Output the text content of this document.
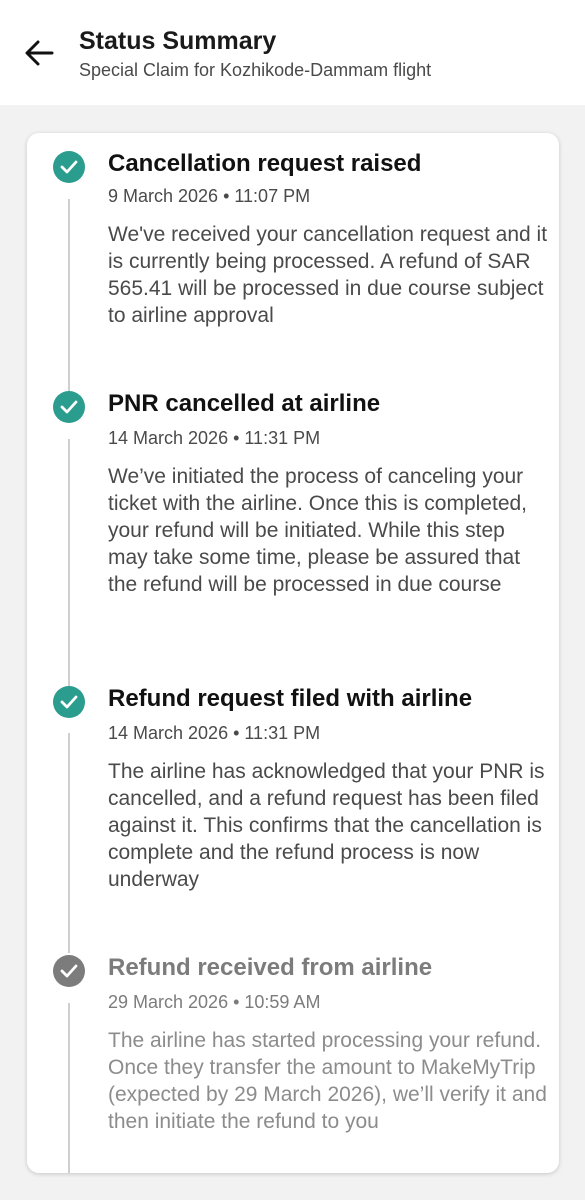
Status Summary
Special Claim for Kozhikode-Dammam flight
Cancellation request raised
9 March 2026 • 11:07 PM
We've received your cancellation request and it is currently being processed. A refund of SAR 565.41 will be processed in due course subject to airline approval
PNR cancelled at airline
14 March 2026 • 11:31 PM
We’ve initiated the process of canceling your ticket with the airline. Once this is completed, your refund will be initiated. While this step may take some time, please be assured that the refund will be processed in due course
Refund request filed with airline
14 March 2026 • 11:31 PM
The airline has acknowledged that your PNR is cancelled, and a refund request has been filed against it. This confirms that the cancellation is complete and the refund process is now underway
Refund received from airline
29 March 2026 • 10:59 AM
The airline has started processing your refund. Once they transfer the amount to MakeMyTrip (expected by 29 March 2026), we’ll verify it and then initiate the refund to you
